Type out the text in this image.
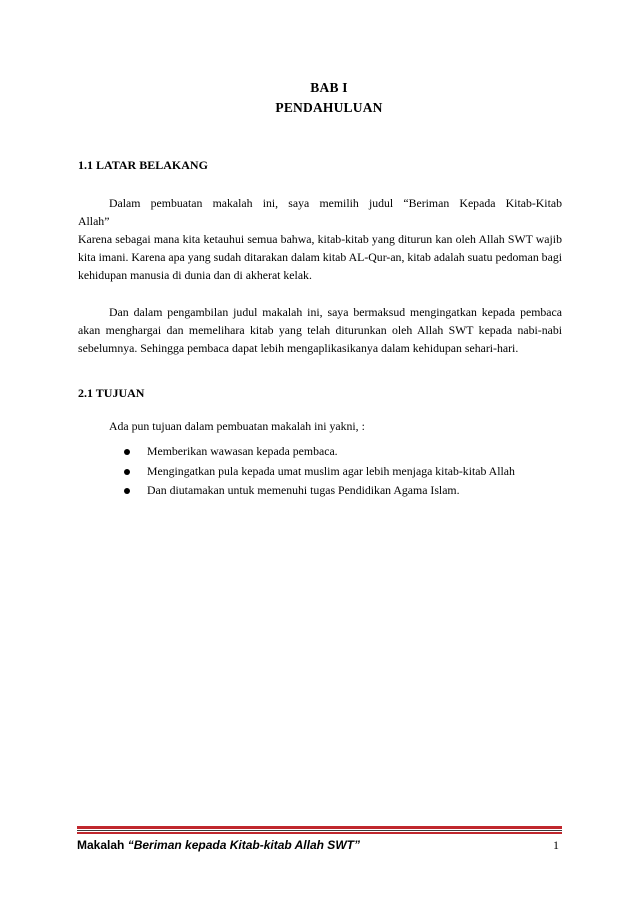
BAB I
PENDAHULUAN
1.1 LATAR BELAKANG
Dalam pembuatan makalah ini, saya memilih judul “Beriman Kepada Kitab-Kitab
Allah”
Karena sebagai mana kita ketauhui semua bahwa, kitab-kitab yang diturun kan oleh Allah SWT wajib kita imani. Karena apa yang sudah ditarakan dalam kitab AL-Qur-an, kitab adalah suatu pedoman bagi kehidupan manusia di dunia dan di akherat kelak.
Dan dalam pengambilan judul makalah ini, saya bermaksud mengingatkan kepada pembaca akan menghargai dan memelihara kitab yang telah diturunkan oleh Allah SWT kepada nabi-nabi sebelumnya. Sehingga pembaca dapat lebih mengaplikasikanya dalam kehidupan sehari-hari.
2.1 TUJUAN
Ada pun tujuan dalam pembuatan makalah ini yakni, :
Memberikan wawasan kepada pembaca.
Mengingatkan pula kepada umat muslim agar lebih menjaga kitab-kitab Allah
Dan diutamakan untuk memenuhi tugas Pendidikan Agama Islam.
Makalah “Beriman kepada Kitab-kitab Allah SWT”	1
